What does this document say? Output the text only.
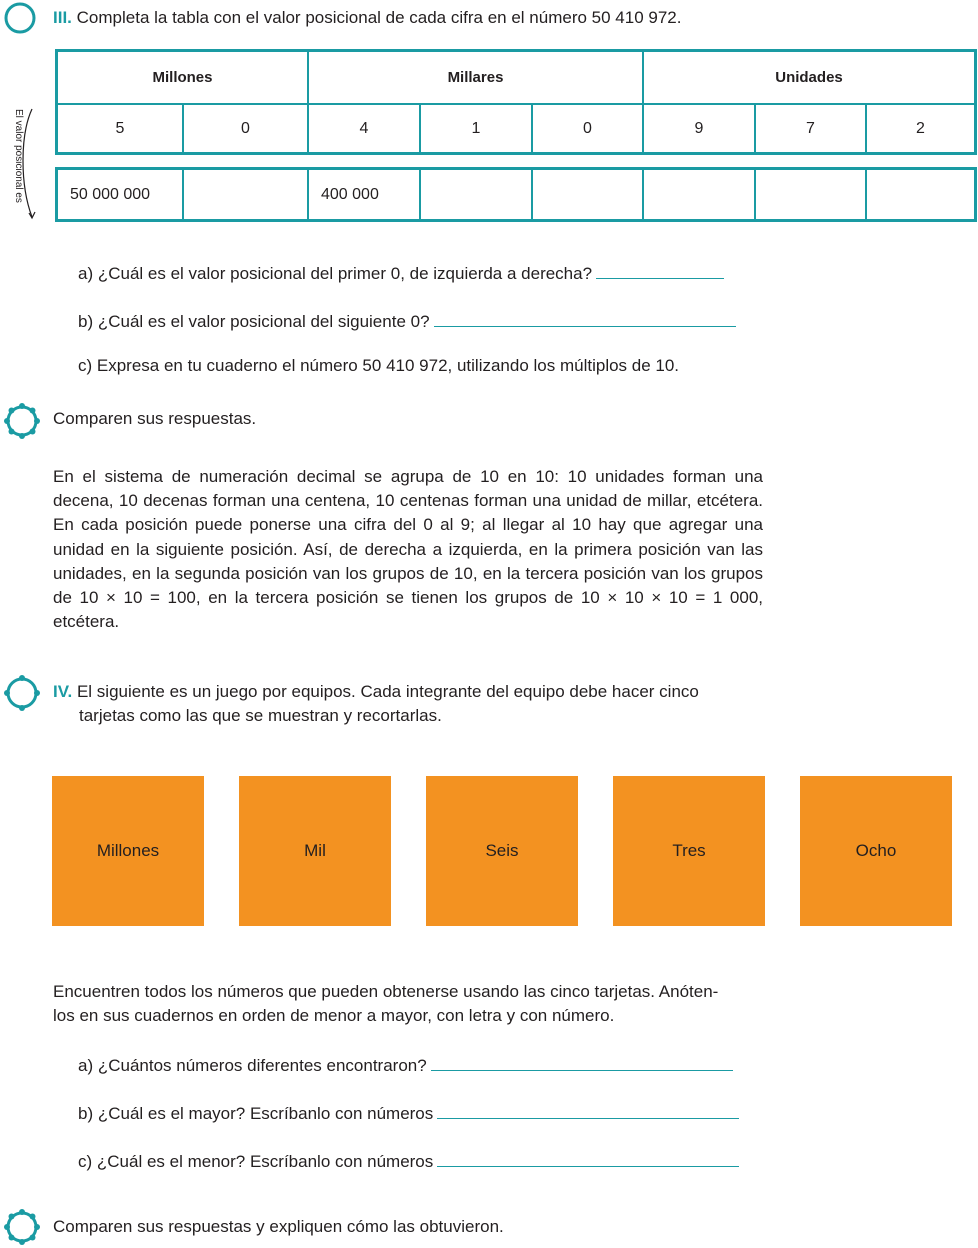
III. Completa la tabla con el valor posicional de cada cifra en el número 50 410 972.
El valor posicional es
Millones		Millares			Unidades		
5	0	4	1	0	9	7	2
50 000 000		400 000					
a) ¿Cuál es el valor posicional del primer 0, de izquierda a derecha?
b) ¿Cuál es el valor posicional del siguiente 0?
c) Expresa en tu cuaderno el número 50 410 972, utilizando los múltiplos de 10.
Comparen sus respuestas.
En el sistema de numeración decimal se agrupa de 10 en 10: 10 unidades forman una decena, 10 decenas forman una centena, 10 centenas forman una unidad de millar, etcétera. En cada posición puede ponerse una cifra del 0 al 9; al llegar al 10 hay que agregar una unidad en la siguiente posición. Así, de derecha a izquierda, en la primera posición van las unidades, en la segunda posición van los grupos de 10, en la tercera posición van los grupos de 10 × 10 = 100, en la tercera posición se tienen los grupos de 10 × 10 × 10 = 1 000, etcétera.
IV. El siguiente es un juego por equipos. Cada integrante del equipo debe hacer cinco
tarjetas como las que se muestran y recortarlas.
Millones	Mil	Seis	Tres	Ocho
Encuentren todos los números que pueden obtenerse usando las cinco tarjetas. Anóten-
los en sus cuadernos en orden de menor a mayor, con letra y con número.
a) ¿Cuántos números diferentes encontraron?
b) ¿Cuál es el mayor? Escríbanlo con números
c) ¿Cuál es el menor? Escríbanlo con números
Comparen sus respuestas y expliquen cómo las obtuvieron.
